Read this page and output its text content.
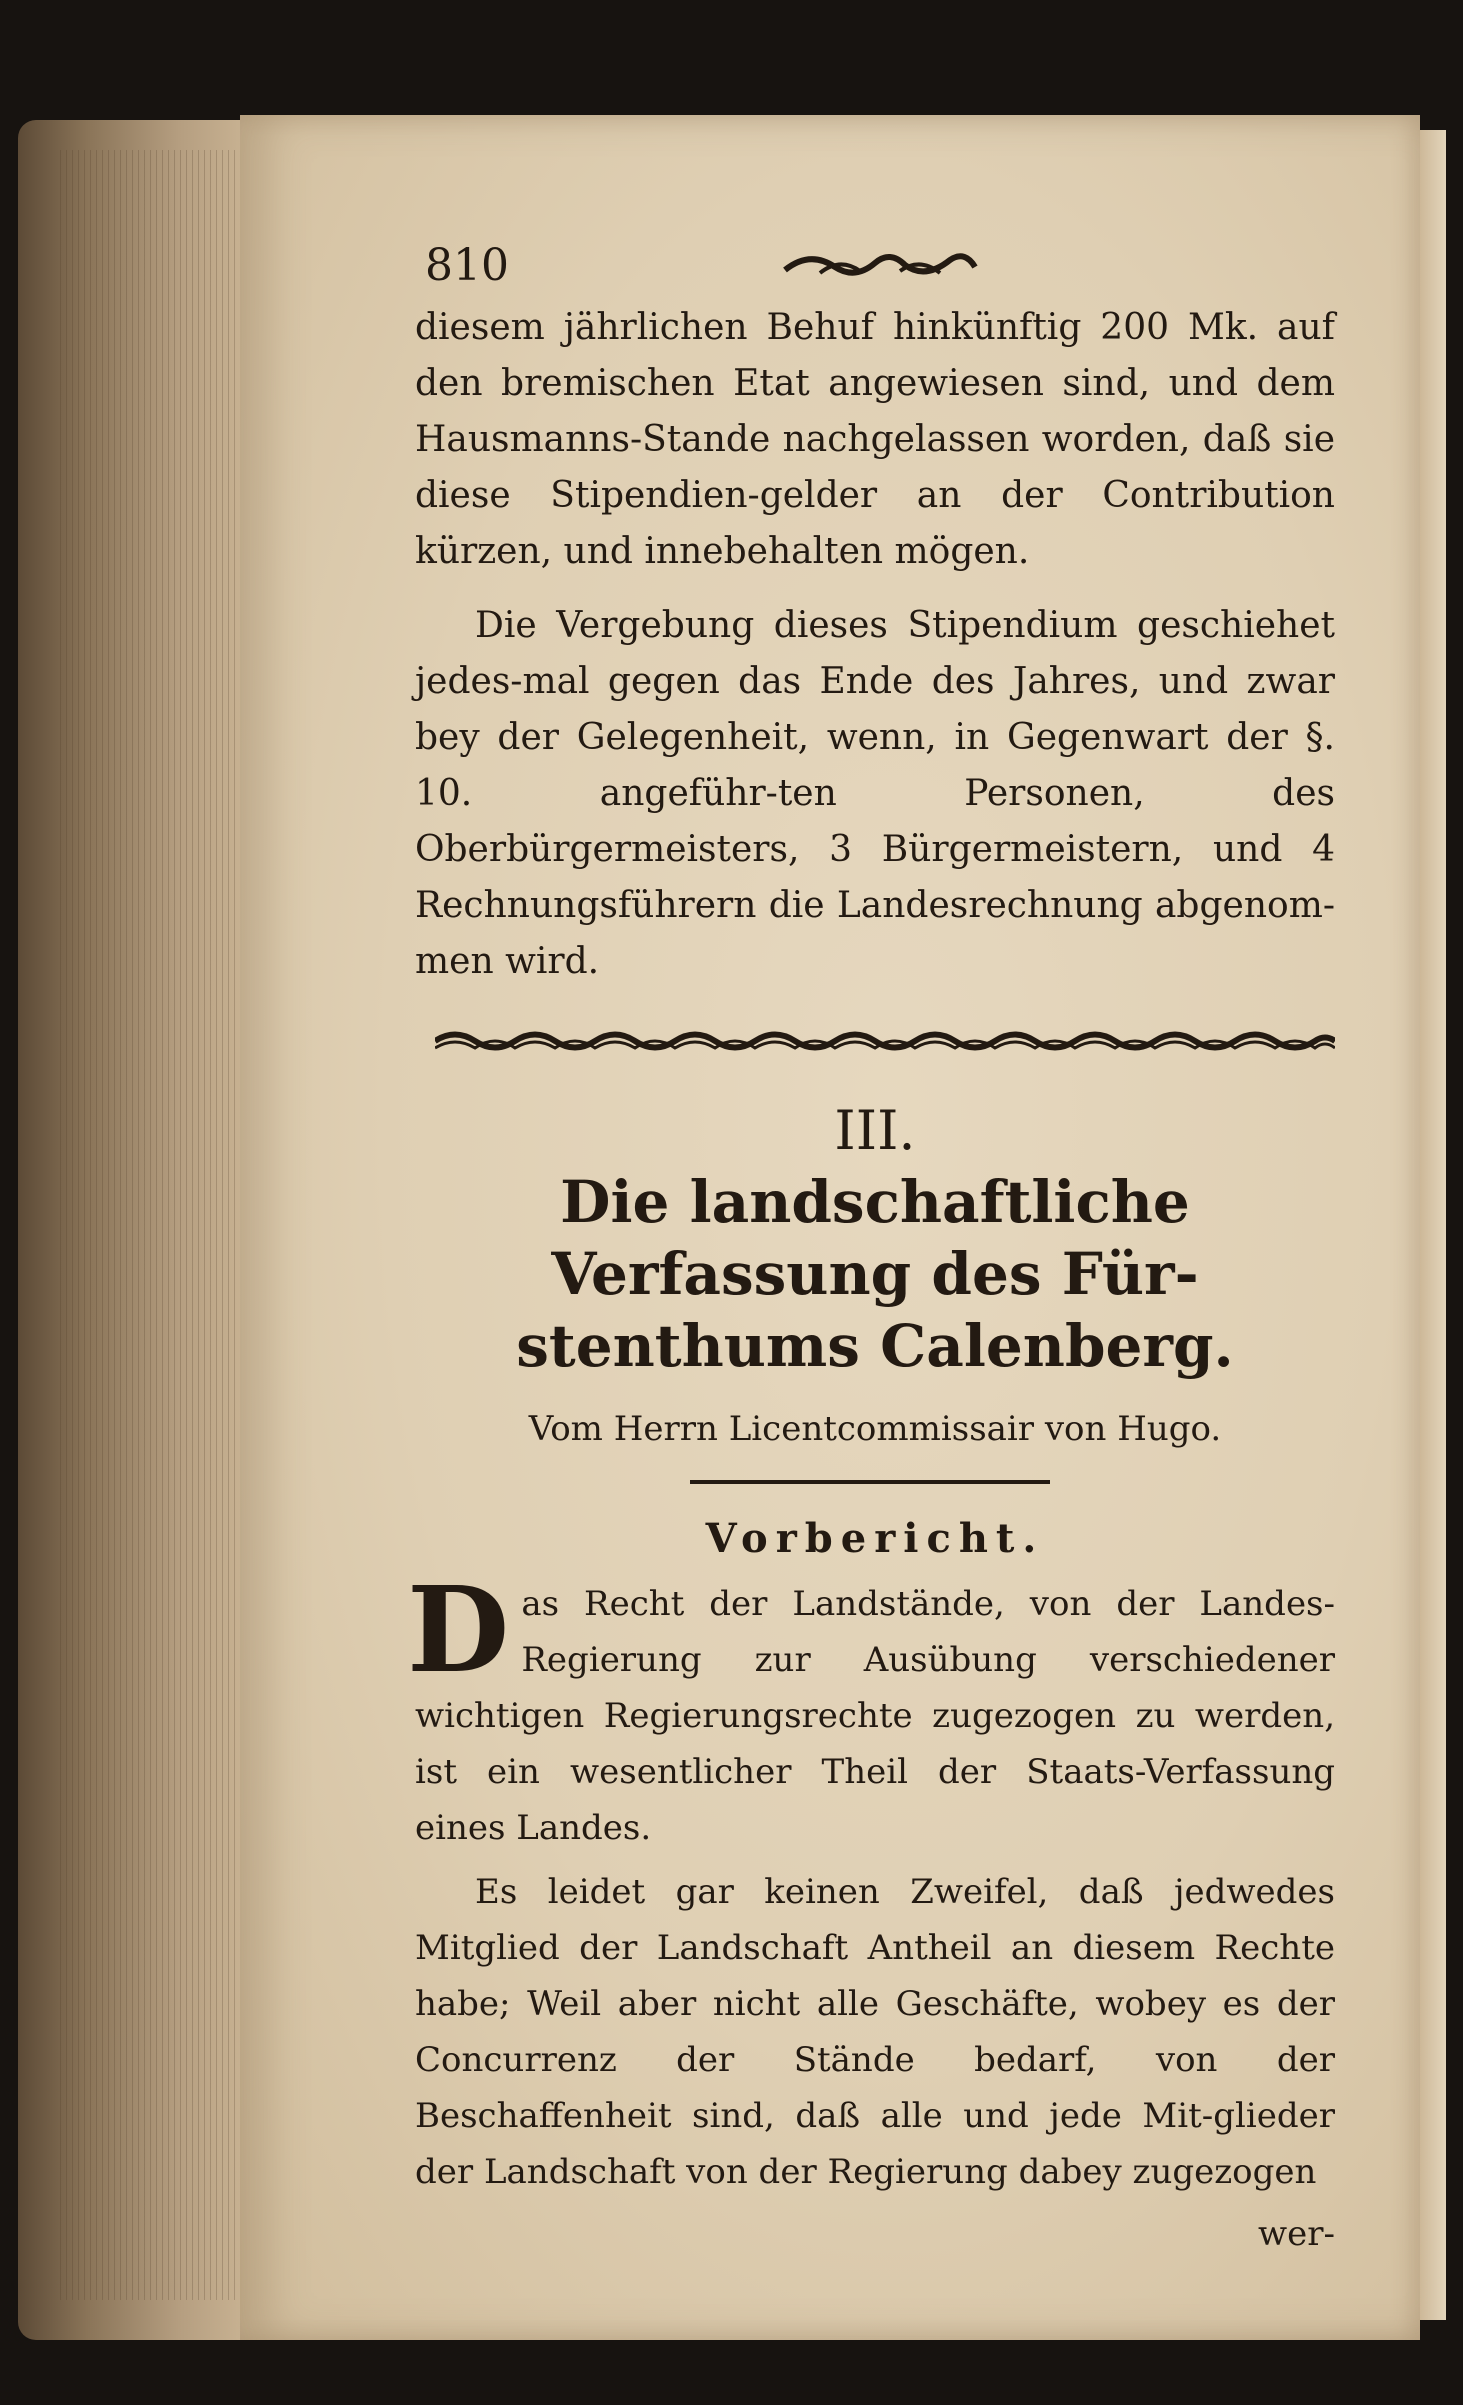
810

diesem jährlichen Behuf hinkünftig 200 Mk. auf den bremischen Etat angewiesen sind, und dem Hausmanns-Stande nachgelassen worden, daß sie diese Stipendien-gelder an der Contribution kürzen, und innebehalten mögen.

Die Vergebung dieses Stipendium geschiehet jedes-mal gegen das Ende des Jahres, und zwar bey der Gelegenheit, wenn, in Gegenwart der §. 10. angeführ-ten Personen, des Oberbürgermeisters, 3 Bürgermeistern, und 4 Rechnungsführern die Landesrechnung abgenom-men wird.

III.
Die landschaftliche Verfassung des Für-stenthums Calenberg.
Vom Herrn Licentcommissair von Hugo.
Vorbericht.

D as Recht der Landstände, von der Landes-Regierung zur Ausübung verschiedener wichtigen Regierungsrechte zugezogen zu werden, ist ein wesentlicher Theil der Staats-Verfassung eines Landes.

Es leidet gar keinen Zweifel, daß jedwedes Mitglied der Landschaft Antheil an diesem Rechte habe; Weil aber nicht alle Geschäfte, wobey es der Concurrenz der Stände bedarf, von der Beschaffenheit sind, daß alle und jede Mit-glieder der Landschaft von der Regierung dabey zugezogen

wer-
